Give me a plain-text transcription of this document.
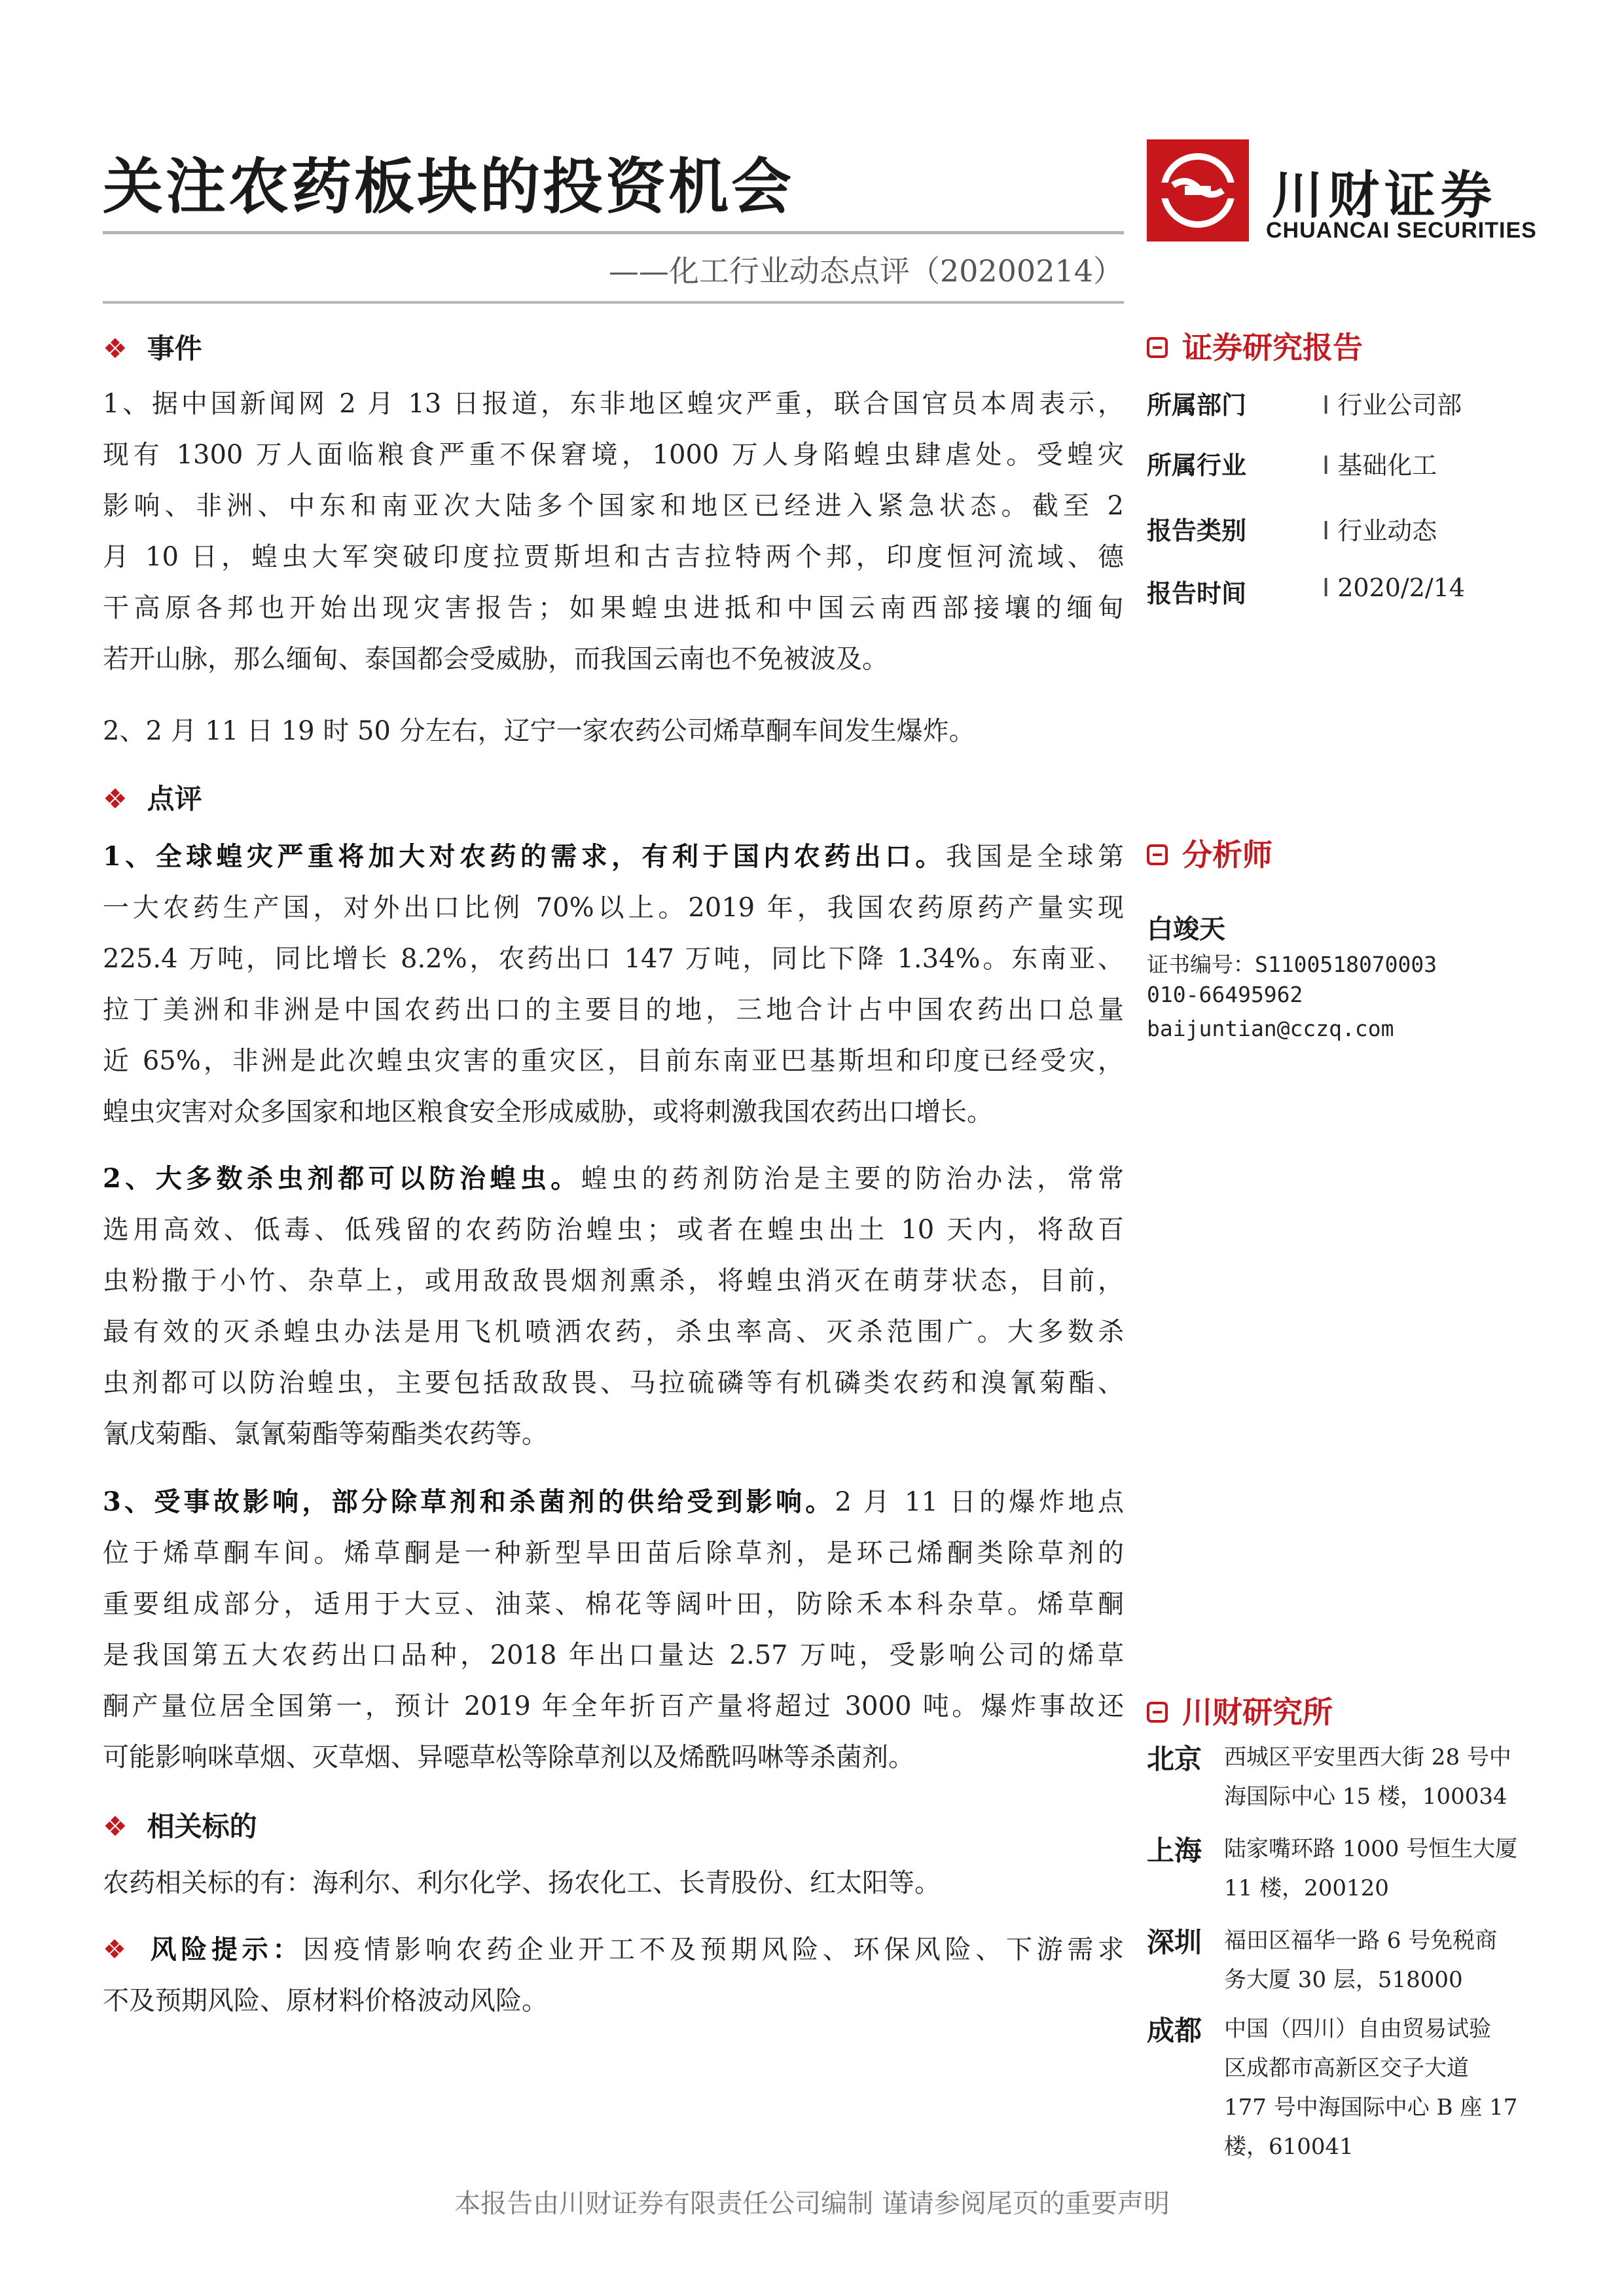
关注农药板块的投资机会
——化工行业动态点评（20200214）
川财证券
CHUANCAI SECURITIES
❖ 事件
1、据中国新闻网 2 月 13 日报道，东非地区蝗灾严重，联合国官员本周表示，
现有 1300 万人面临粮食严重不保窘境，1000 万人身陷蝗虫肆虐处。受蝗灾
影响、非洲、中东和南亚次大陆多个国家和地区已经进入紧急状态。截至 2
月 10 日，蝗虫大军突破印度拉贾斯坦和古吉拉特两个邦，印度恒河流域、德
干高原各邦也开始出现灾害报告；如果蝗虫进抵和中国云南西部接壤的缅甸
若开山脉，那么缅甸、泰国都会受威胁，而我国云南也不免被波及。
2、2 月 11 日 19 时 50 分左右，辽宁一家农药公司烯草酮车间发生爆炸。
❖ 点评
1、全球蝗灾严重将加大对农药的需求，有利于国内农药出口。我国是全球第
一大农药生产国，对外出口比例 70%以上。2019 年，我国农药原药产量实现
225.4 万吨，同比增长 8.2%，农药出口 147 万吨，同比下降 1.34%。东南亚、
拉丁美洲和非洲是中国农药出口的主要目的地，三地合计占中国农药出口总量
近 65%，非洲是此次蝗虫灾害的重灾区，目前东南亚巴基斯坦和印度已经受灾，
蝗虫灾害对众多国家和地区粮食安全形成威胁，或将刺激我国农药出口增长。
2、大多数杀虫剂都可以防治蝗虫。蝗虫的药剂防治是主要的防治办法，常常
选用高效、低毒、低残留的农药防治蝗虫；或者在蝗虫出土 10 天内，将敌百
虫粉撒于小竹、杂草上，或用敌敌畏烟剂熏杀，将蝗虫消灭在萌芽状态，目前，
最有效的灭杀蝗虫办法是用飞机喷洒农药，杀虫率高、灭杀范围广。大多数杀
虫剂都可以防治蝗虫，主要包括敌敌畏、马拉硫磷等有机磷类农药和溴氰菊酯、
氰戊菊酯、氯氰菊酯等菊酯类农药等。
3、受事故影响，部分除草剂和杀菌剂的供给受到影响。2 月 11 日的爆炸地点
位于烯草酮车间。烯草酮是一种新型旱田苗后除草剂，是环己烯酮类除草剂的
重要组成部分，适用于大豆、油菜、棉花等阔叶田，防除禾本科杂草。烯草酮
是我国第五大农药出口品种，2018 年出口量达 2.57 万吨，受影响公司的烯草
酮产量位居全国第一，预计 2019 年全年折百产量将超过 3000 吨。爆炸事故还
可能影响咪草烟、灭草烟、异噁草松等除草剂以及烯酰吗啉等杀菌剂。
❖ 相关标的
农药相关标的有：海利尔、利尔化学、扬农化工、长青股份、红太阳等。
❖ 风险提示：因疫情影响农药企业开工不及预期风险、环保风险、下游需求
不及预期风险、原材料价格波动风险。
证券研究报告
所属部门	I 行业公司部
所属行业	I 基础化工
报告类别	I 行业动态
报告时间	I 2020/2/14
分析师
白竣天
证书编号：S1100518070003
010-66495962
baijuntian@cczq.com
川财研究所
北京 西城区平安里西大街 28 号中
海国际中心 15 楼，100034
上海 陆家嘴环路 1000 号恒生大厦
11 楼，200120
深圳 福田区福华一路 6 号免税商
务大厦 30 层，518000
成都 中国（四川）自由贸易试验
区成都市高新区交子大道
177 号中海国际中心 B 座 17
楼，610041
本报告由川财证券有限责任公司编制 谨请参阅尾页的重要声明
